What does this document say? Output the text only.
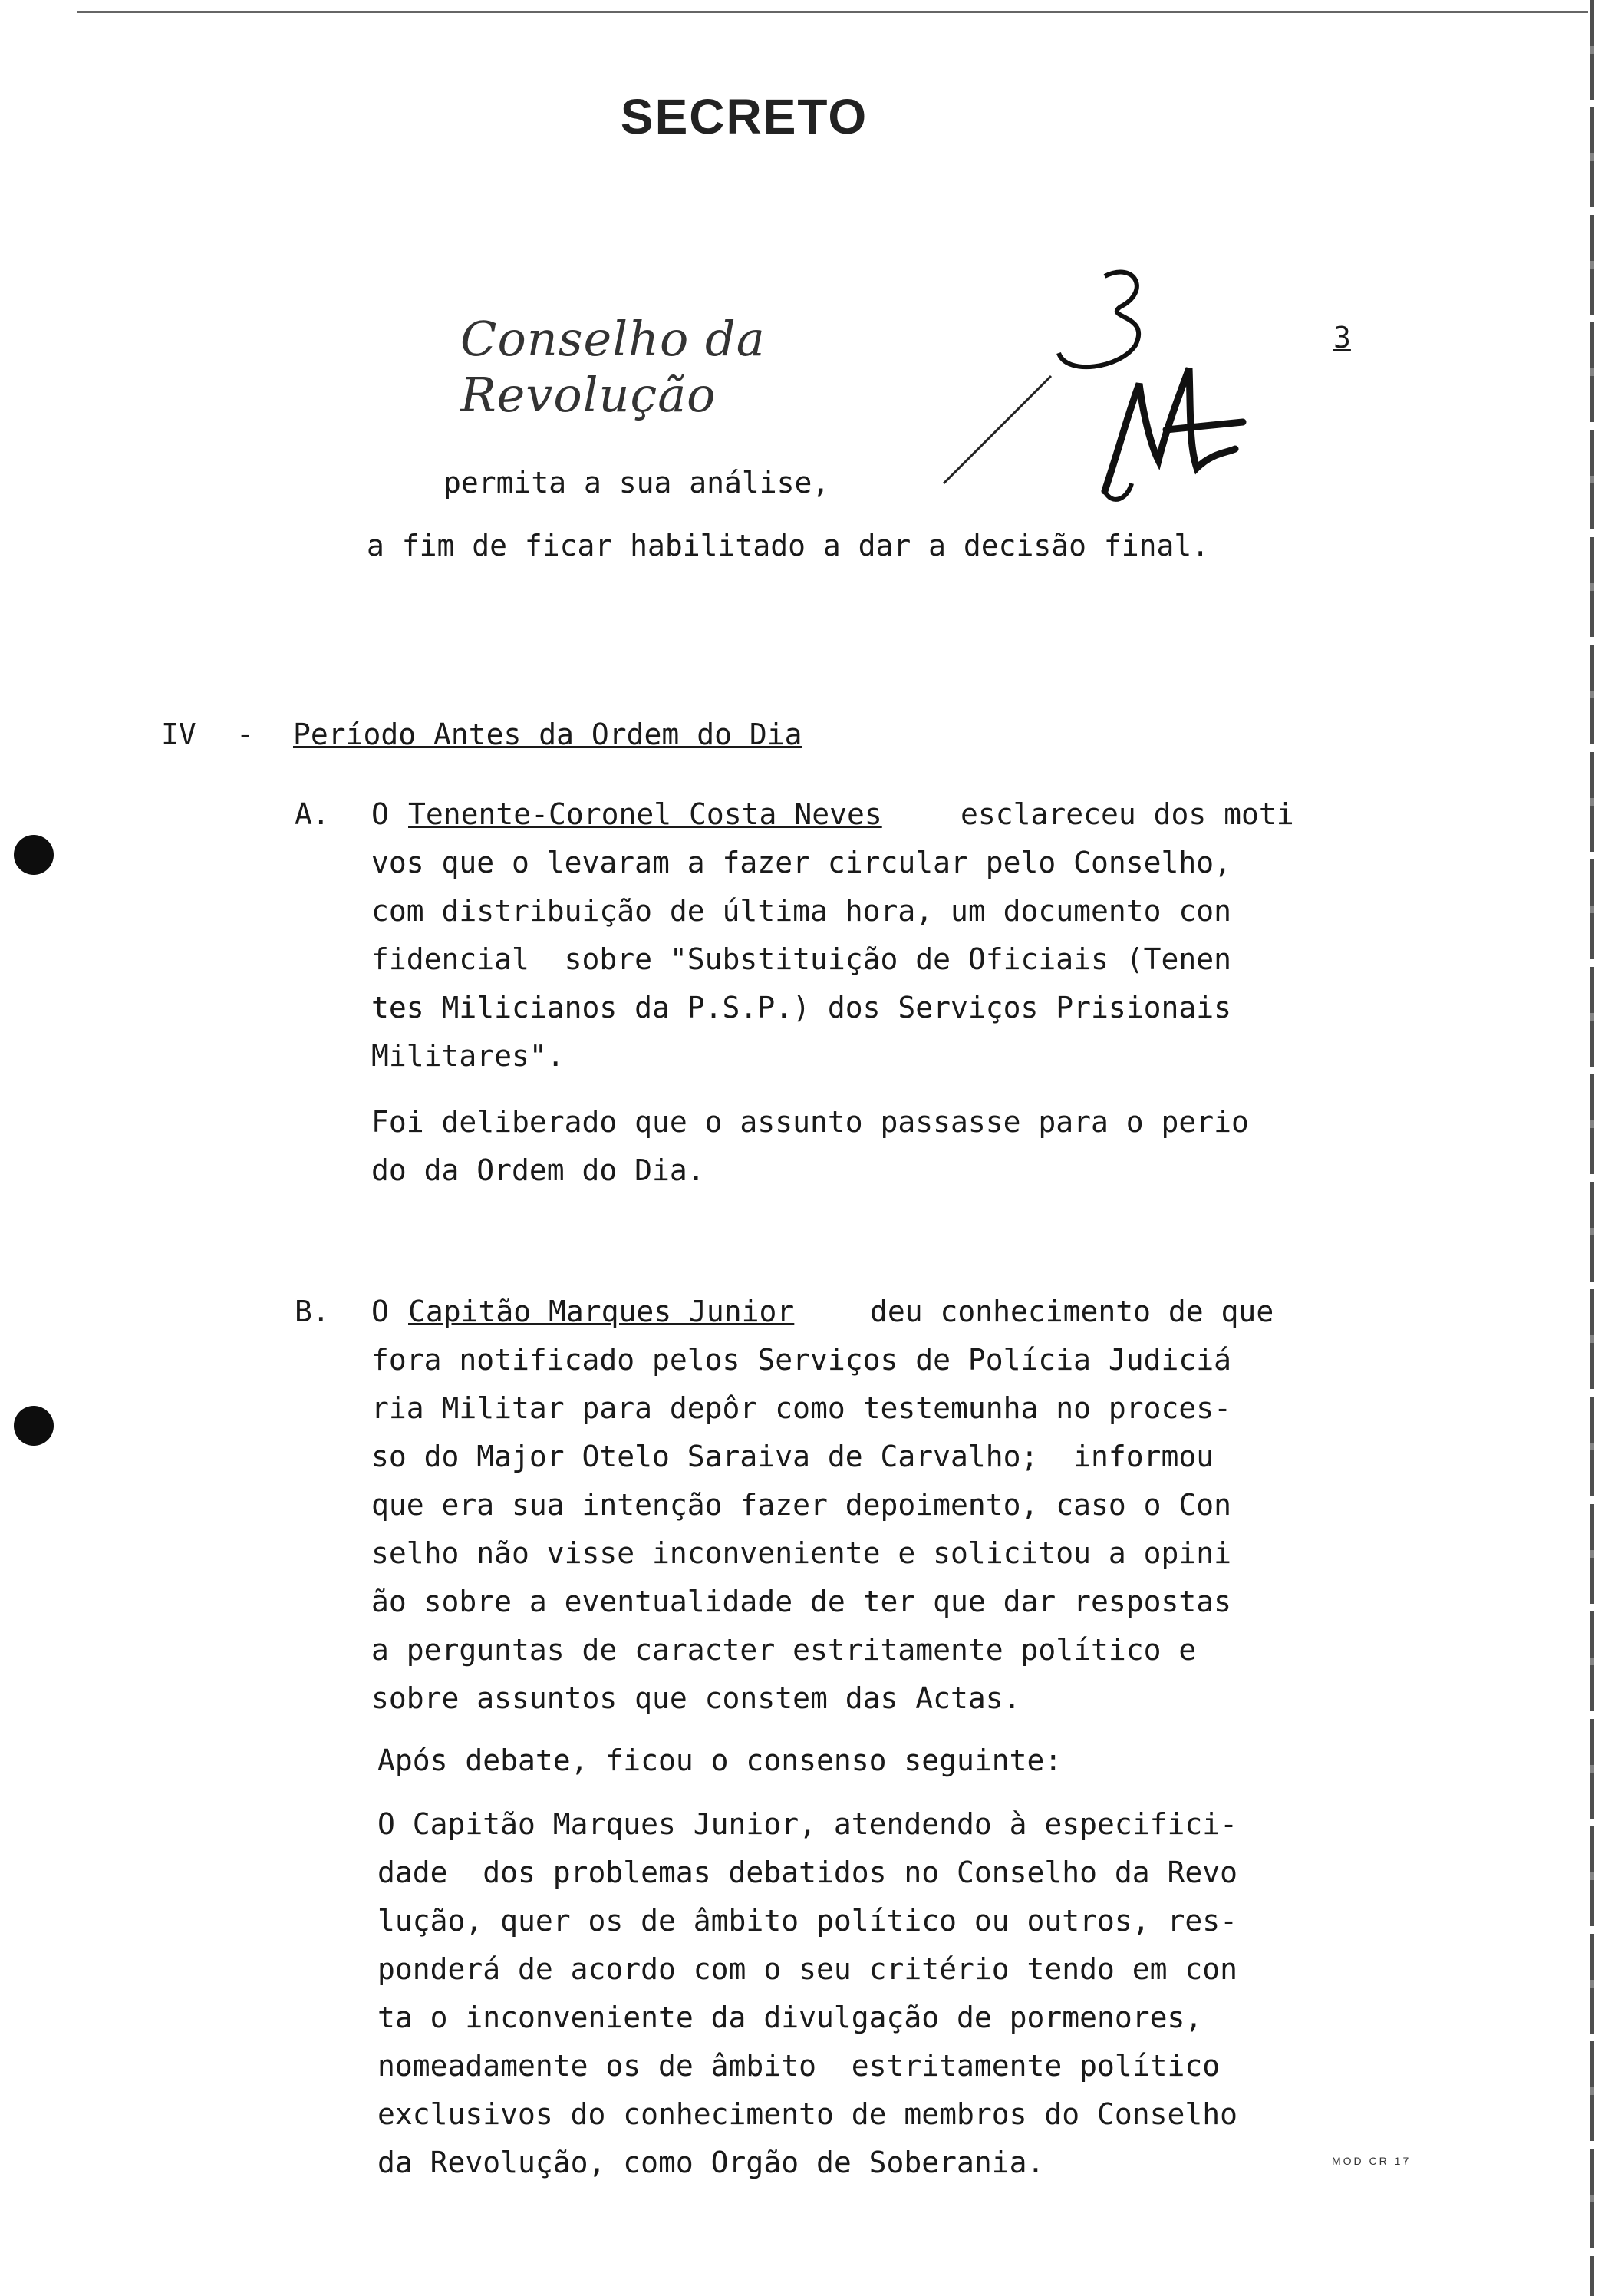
SECRETO
Conselho da Revolução
3
permita a sua análise,
a fim de ficar habilitado a dar a decisão final.
IV - Período Antes da Ordem do Dia
A. O Tenente-Coronel Costa Neves	esclareceu dos moti
vos que o levaram a fazer circular pelo Conselho,
com distribuição de última hora, um documento con
fidencial  sobre "Substituição de Oficiais (Tenen
tes Milicianos da P.S.P.) dos Serviços Prisionais
Militares".
Foi deliberado que o assunto passasse para o perio
do da Ordem do Dia.
B. O Capitão Marques Junior	deu conhecimento de que
fora notificado pelos Serviços de Polícia Judiciá
ria Militar para depôr como testemunha no proces-
so do Major Otelo Saraiva de Carvalho;  informou
que era sua intenção fazer depoimento, caso o Con
selho não visse inconveniente e solicitou a opini
ão sobre a eventualidade de ter que dar respostas
a perguntas de caracter estritamente político e
sobre assuntos que constem das Actas.
Após debate, ficou o consenso seguinte:
O Capitão Marques Junior, atendendo à especifici-
dade  dos problemas debatidos no Conselho da Revo
lução, quer os de âmbito político ou outros, res-
ponderá de acordo com o seu critério tendo em con
ta o inconveniente da divulgação de pormenores,
nomeadamente os de âmbito  estritamente político
exclusivos do conhecimento de membros do Conselho
da Revolução, como Orgão de Soberania.	MOD CR 17
